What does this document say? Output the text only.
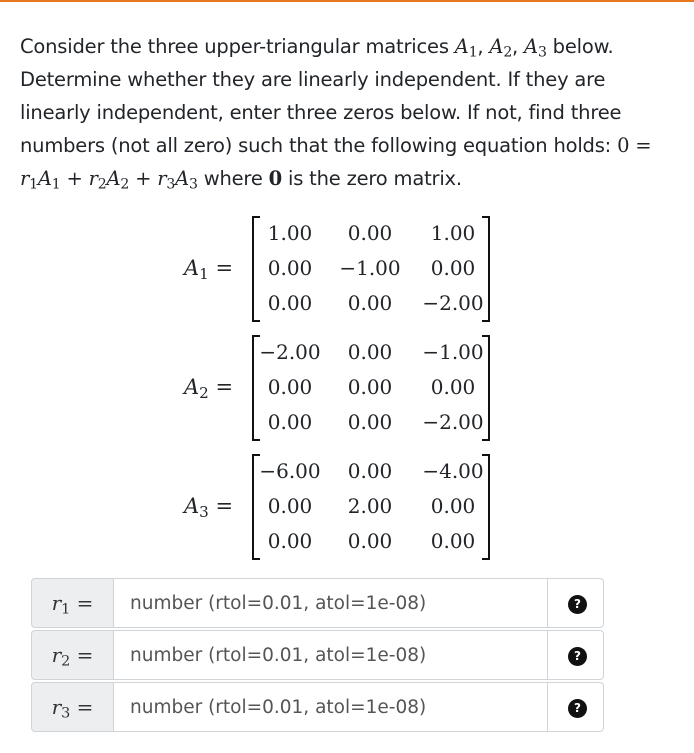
Consider the three upper-triangular matrices $A_1$, $A_2$, $A_3$ below. Determine whether they are linearly independent. If they are linearly independent, enter three zeros below. If not, find three numbers (not all zero) such that the following equation holds: $0 = r_1A_1 + r_2A_2 + r_3A_3$ where 0 is the zero matrix.

$A_1$ =
1.00	0.00	1.00
0.00	−1.00	0.00
0.00	0.00	−2.00
$A_2$ =
−2.00	0.00	−1.00
0.00	0.00	0.00
0.00	0.00	−2.00
$A_3$ =
−6.00	0.00	−4.00
0.00	2.00	0.00
0.00	0.00	0.00
$r_1$ =
number (rtol=0.01, atol=1e-08)	?
$r_2$ =
number (rtol=0.01, atol=1e-08)	?
$r_3$ =
number (rtol=0.01, atol=1e-08)	?
